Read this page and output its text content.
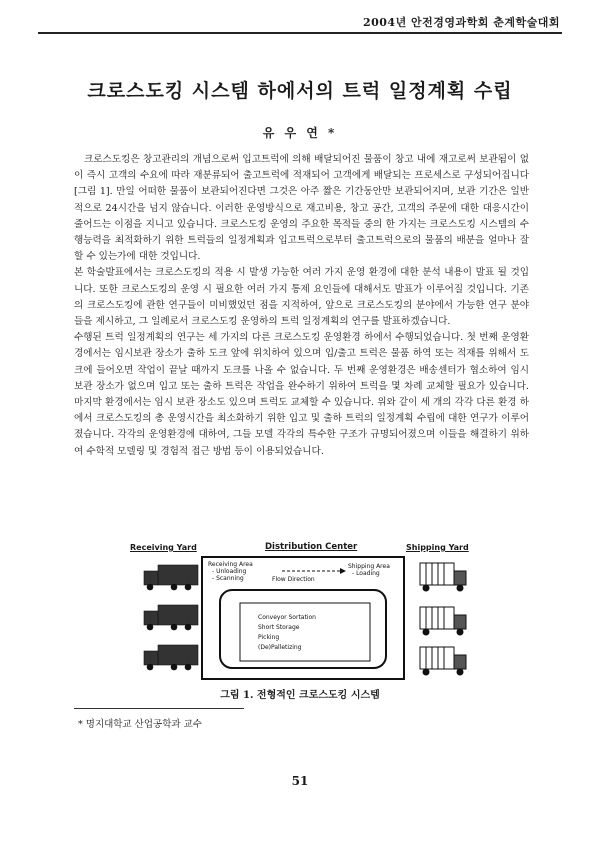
2004년 안전경영과학회 춘계학술대회
크로스도킹 시스템 하에서의 트럭 일정계획 수립
유 우 연 *

크로스도킹은 창고관리의 개념으로써 입고트럭에 의해 배달되어진 물품이 창고 내에 재고로써 보관됨이 없이 즉시 고객의 수요에 따라 재분류되어 출고트럭에 적재되어 고객에게 배달되는 프로세스로 구성되어집니다 [그림 1]. 만일 어떠한 물품이 보관되어진다면 그것은 아주 짧은 기간동안만 보관되어지며, 보관 기간은 일반적으로 24시간을 넘지 않습니다. 이러한 운영방식으로 재고비용, 창고 공간, 고객의 주문에 대한 대응시간이 줄어드는 이점을 지니고 있습니다. 크로스도킹 운영의 주요한 목적들 중의 한 가지는 크로스도킹 시스템의 수행능력을 최적화하기 위한 트럭들의 일정계획과 입고트럭으로부터 출고트럭으로의 물품의 배분을 얼마나 잘 할 수 있는가에 대한 것입니다.

본 학술발표에서는 크로스도킹의 적용 시 발생 가능한 여러 가지 운영 환경에 대한 분석 내용이 발표 될 것입니다. 또한 크로스도킹의 운영 시 필요한 여러 가지 통제 요인들에 대해서도 발표가 이루어질 것입니다. 기존의 크로스도킹에 관한 연구들이 미비했었던 점을 지적하여, 앞으로 크로스도킹의 분야에서 가능한 연구 분야들을 제시하고, 그 일례로서 크로스도킹 운영하의 트럭 일정계획의 연구를 발표하겠습니다.

수행된 트럭 일정계획의 연구는 세 가지의 다른 크로스도킹 운영환경 하에서 수행되었습니다. 첫 번째 운영환경에서는 임시보관 장소가 출하 도크 앞에 위치하여 있으며 입/출고 트럭은 물품 하역 또는 적재를 위해서 도크에 들어오면 작업이 끝날 때까지 도크를 나올 수 없습니다. 두 번째 운영환경은 배송센터가 협소하여 임시 보관 장소가 없으며 입고 또는 출하 트럭은 작업을 완수하기 위하여 트럭을 몇 차례 교체할 필요가 있습니다. 마지막 환경에서는 임시 보관 장소도 있으며 트럭도 교체할 수 있습니다. 위와 같이 세 개의 각각 다른 환경 하에서 크로스도킹의 총 운영시간을 최소화하기 위한 입고 및 출하 트럭의 일정계획 수립에 대한 연구가 이루어졌습니다. 각각의 운영환경에 대하여, 그들 모델 각각의 특수한 구조가 규명되어졌으며 이들을 해결하기 위하여 수학적 모델링 및 경험적 접근 방법 등이 이용되었습니다.

Receiving Yard	Distribution Center	Shipping Yard
Receiving Area
- Unloading
- Scanning
Shipping Area
- Loading
Flow Direction
Conveyor Sortation
Short Storage
Picking
(De)Palletizing
그림 1. 전형적인 크로스도킹 시스템
* 명지대학교 산업공학과 교수
51
